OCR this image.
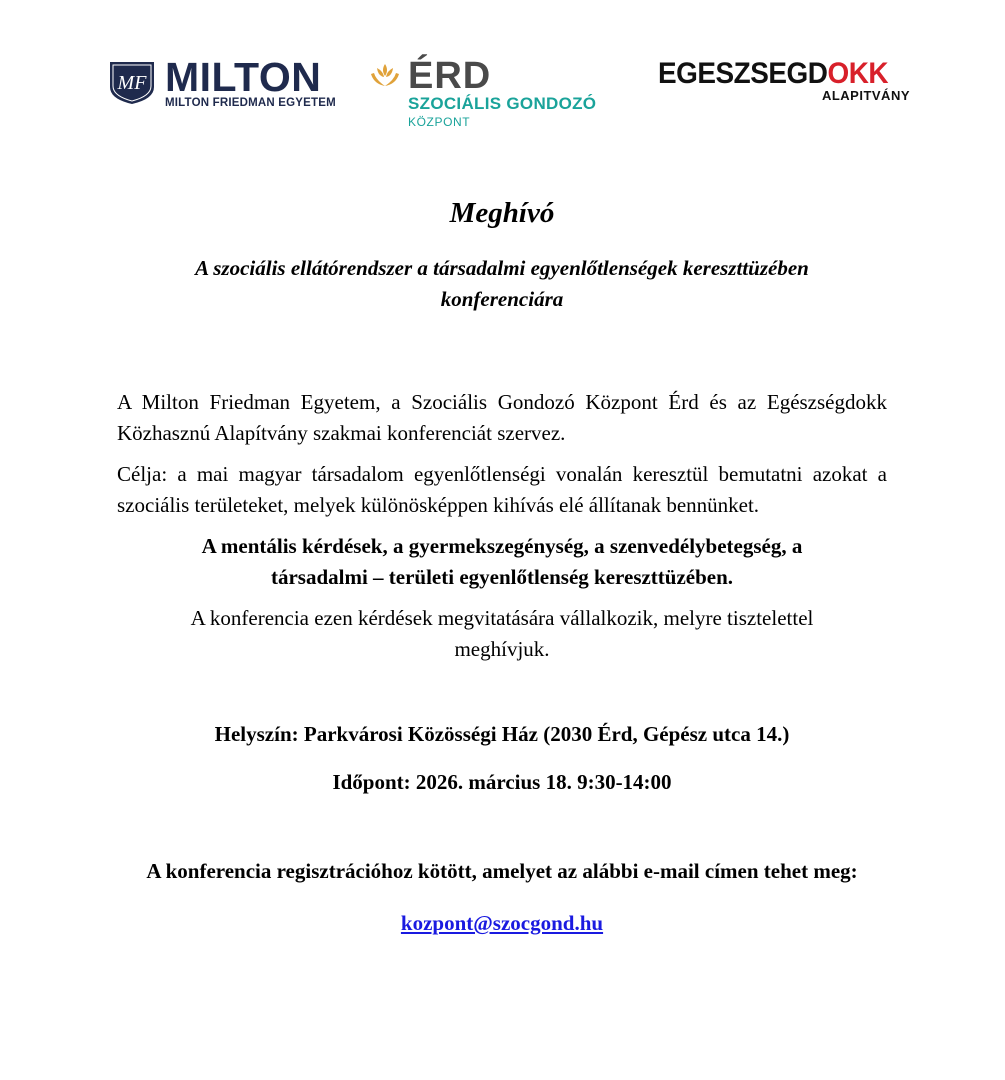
MF MILTON
MILTON FRIEDMAN EGYETEM
ÉRD
SZOCIÁLIS GONDOZÓ
KÖZPONT
EGESZSEGDOKK
ALAPITVÁNY
Meghívó
A szociális ellátórendszer a társadalmi egyenlőtlenségek kereszttüzében konferenciára

A Milton Friedman Egyetem, a Szociális Gondozó Központ Érd és az Egészségdokk Közhasznú Alapítvány szakmai konferenciát szervez.

Célja: a mai magyar társadalom egyenlőtlenségi vonalán keresztül bemutatni azokat a szociális területeket, melyek különösképpen kihívás elé állítanak bennünket.

A mentális kérdések, a gyermekszegénység, a szenvedélybetegség, a társadalmi – területi egyenlőtlenség kereszttüzében.

A konferencia ezen kérdések megvitatására vállalkozik, melyre tisztelettel meghívjuk.

Helyszín: Parkvárosi Közösségi Ház (2030 Érd, Gépész utca 14.)

Időpont: 2026. március 18. 9:30-14:00

A konferencia regisztrációhoz kötött, amelyet az alábbi e-mail címen tehet meg:

kozpont@szocgond.hu
